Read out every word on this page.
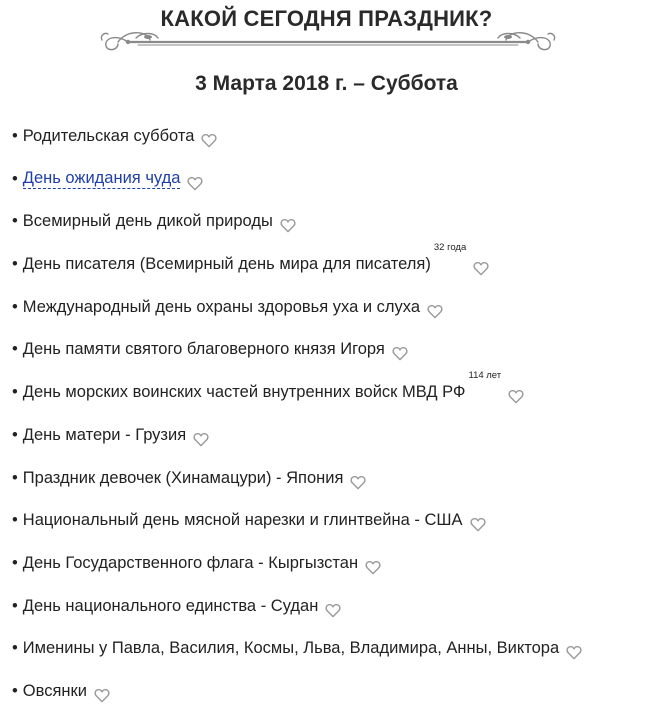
КАКОЙ СЕГОДНЯ ПРАЗДНИК?
3 Марта 2018 г. – Суббота
• Родительская суббота
• День ожидания чуда
• Всемирный день дикой природы
• День писателя (Всемирный день мира для писателя)
32 года
• Международный день охраны здоровья уха и слуха
• День памяти святого благоверного князя Игоря
• День морских воинских частей внутренних войск МВД РФ
114 лет
• День матери - Грузия
• Праздник девочек (Хинамацури) - Япония
• Национальный день мясной нарезки и глинтвейна - США
• День Государственного флага - Кыргызстан
• День национального единства - Судан
• Именины у Павла, Василия, Космы, Льва, Владимира, Анны, Виктора
• Овсянки
